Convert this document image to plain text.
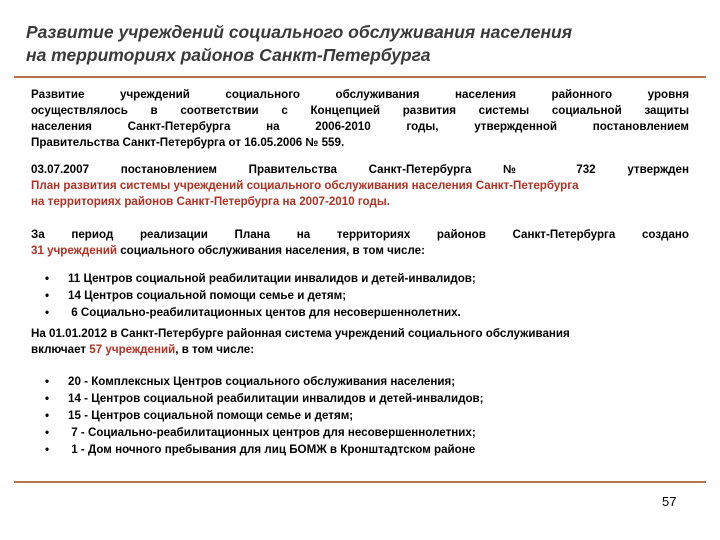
Развитие учреждений социального обслуживания населения
на территориях районов Санкт-Петербурга
Развитие учреждений социального обслуживания населения районного уровня
осуществлялось в соответствии с Концепцией развития системы социальной защиты
населения Санкт-Петербурга на 2006-2010 годы, утвержденной постановлением
Правительства Санкт-Петербурга от 16.05.2006 № 559.
03.07.2007 постановлением Правительства Санкт-Петербурга № 732 утвержден
План развития системы учреждений социального обслуживания населения Санкт-Петербурга
на территориях районов Санкт-Петербурга на 2007-2010 годы.
За период реализации Плана на территориях районов Санкт-Петербурга создано
31 учреждений социального обслуживания населения, в том числе:
• 11 Центров социальной реабилитации инвалидов и детей-инвалидов;
• 14 Центров социальной помощи семье и детям;
• 6 Социально-реабилитационных центов для несовершеннолетних.
На 01.01.2012 в Санкт-Петербурге районная система учреждений социального обслуживания
включает 57 учреждений, в том числе:
• 20 - Комплексных Центров социального обслуживания населения;
• 14 - Центров социальной реабилитации инвалидов и детей-инвалидов;
• 15 - Центров социальной помощи семье и детям;
• 7 - Социально-реабилитационных центров для несовершеннолетних;
• 1 - Дом ночного пребывания для лиц БОМЖ в Кронштадтском районе
57
